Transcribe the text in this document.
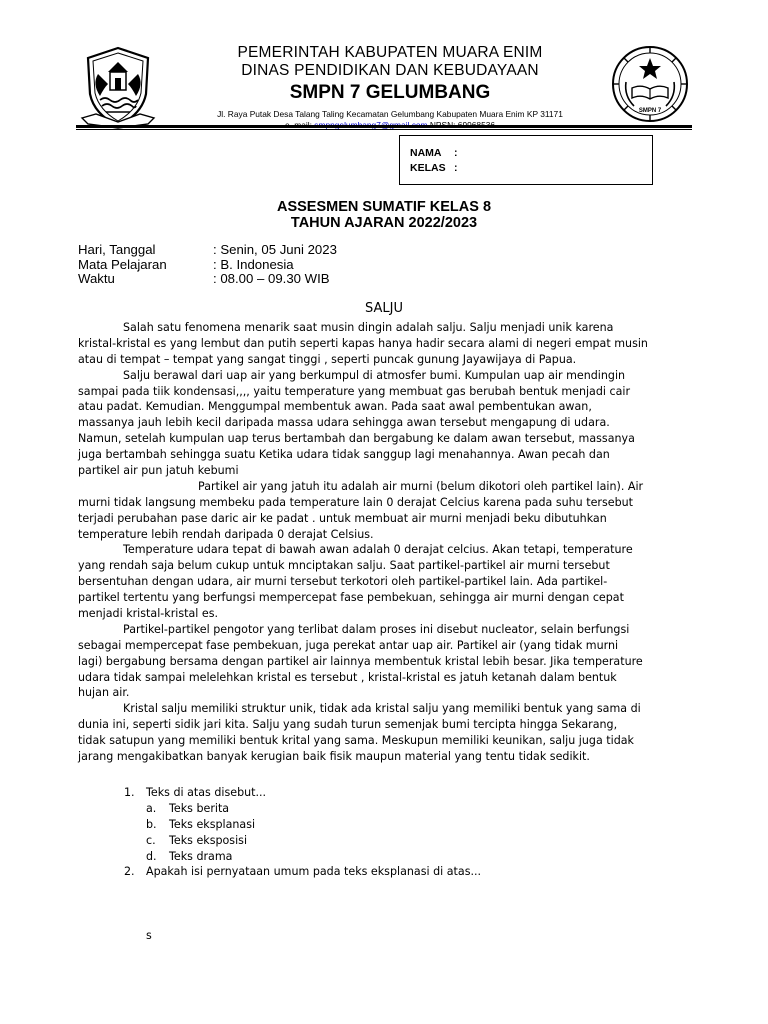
SMPN 7
PEMERINTAH KABUPATEN MUARA ENIM
DINAS PENDIDIKAN DAN KEBUDAYAAN
SMPN 7 GELUMBANG
Jl. Raya Putak Desa Talang Taling Kecamatan Gelumbang Kabupaten Muara Enim KP 31171
NAMA :
KELAS :
ASSESMEN SUMATIF KELAS 8
TAHUN AJARAN 2022/2023
Hari, Tanggal	: Senin, 05 Juni 2023
Mata Pelajaran	: B. Indonesia
Waktu	: 08.00 – 09.30 WIB
SALJU
Salah satu fenomena menarik saat musin dingin adalah salju. Salju menjadi unik karena
kristal-kristal es yang lembut dan putih seperti kapas hanya hadir secara alami di negeri empat musin
atau di tempat – tempat yang sangat tinggi , seperti puncak gunung Jayawijaya di Papua.
Salju berawal dari uap air yang berkumpul di atmosfer bumi. Kumpulan uap air mendingin
sampai pada tiik kondensasi,,,, yaitu temperature yang membuat gas berubah bentuk menjadi cair
atau padat. Kemudian. Menggumpal membentuk awan. Pada saat awal pembentukan awan,
massanya jauh lebih kecil daripada massa udara sehingga awan tersebut mengapung di udara.
Namun, setelah kumpulan uap terus bertambah dan bergabung ke dalam awan tersebut, massanya
juga bertambah sehingga suatu Ketika udara tidak sanggup lagi menahannya. Awan pecah dan
partikel air pun jatuh kebumi
Partikel air yang jatuh itu adalah air murni (belum dikotori oleh partikel lain). Air
murni tidak langsung membeku pada temperature lain 0 derajat Celcius karena pada suhu tersebut
terjadi perubahan pase daric air ke padat . untuk membuat air murni menjadi beku dibutuhkan
temperature lebih rendah daripada 0 derajat Celsius.
Temperature udara tepat di bawah awan adalah 0 derajat celcius. Akan tetapi, temperature
yang rendah saja belum cukup untuk mnciptakan salju. Saat partikel-partikel air murni tersebut
bersentuhan dengan udara, air murni tersebut terkotori oleh partikel-partikel lain. Ada partikel-
partikel tertentu yang berfungsi mempercepat fase pembekuan, sehingga air murni dengan cepat
menjadi kristal-kristal es.
Partikel-partikel pengotor yang terlibat dalam proses ini disebut nucleator, selain berfungsi
sebagai mempercepat fase pembekuan, juga perekat antar uap air. Partikel air (yang tidak murni
lagi) bergabung bersama dengan partikel air lainnya membentuk kristal lebih besar. Jika temperature
udara tidak sampai melelehkan kristal es tersebut , kristal-kristal es jatuh ketanah dalam bentuk
hujan air.
Kristal salju memiliki struktur unik, tidak ada kristal salju yang memiliki bentuk yang sama di
dunia ini, seperti sidik jari kita. Salju yang sudah turun semenjak bumi tercipta hingga Sekarang,
tidak satupun yang memiliki bentuk krital yang sama. Meskupun memiliki keunikan, salju juga tidak
jarang mengakibatkan banyak kerugian baik fisik maupun material yang tentu tidak sedikit.
1. Teks di atas disebut...
a. Teks berita
b. Teks eksplanasi
c. Teks eksposisi
d. Teks drama
2. Apakah isi pernyataan umum pada teks eksplanasi di atas...
s
